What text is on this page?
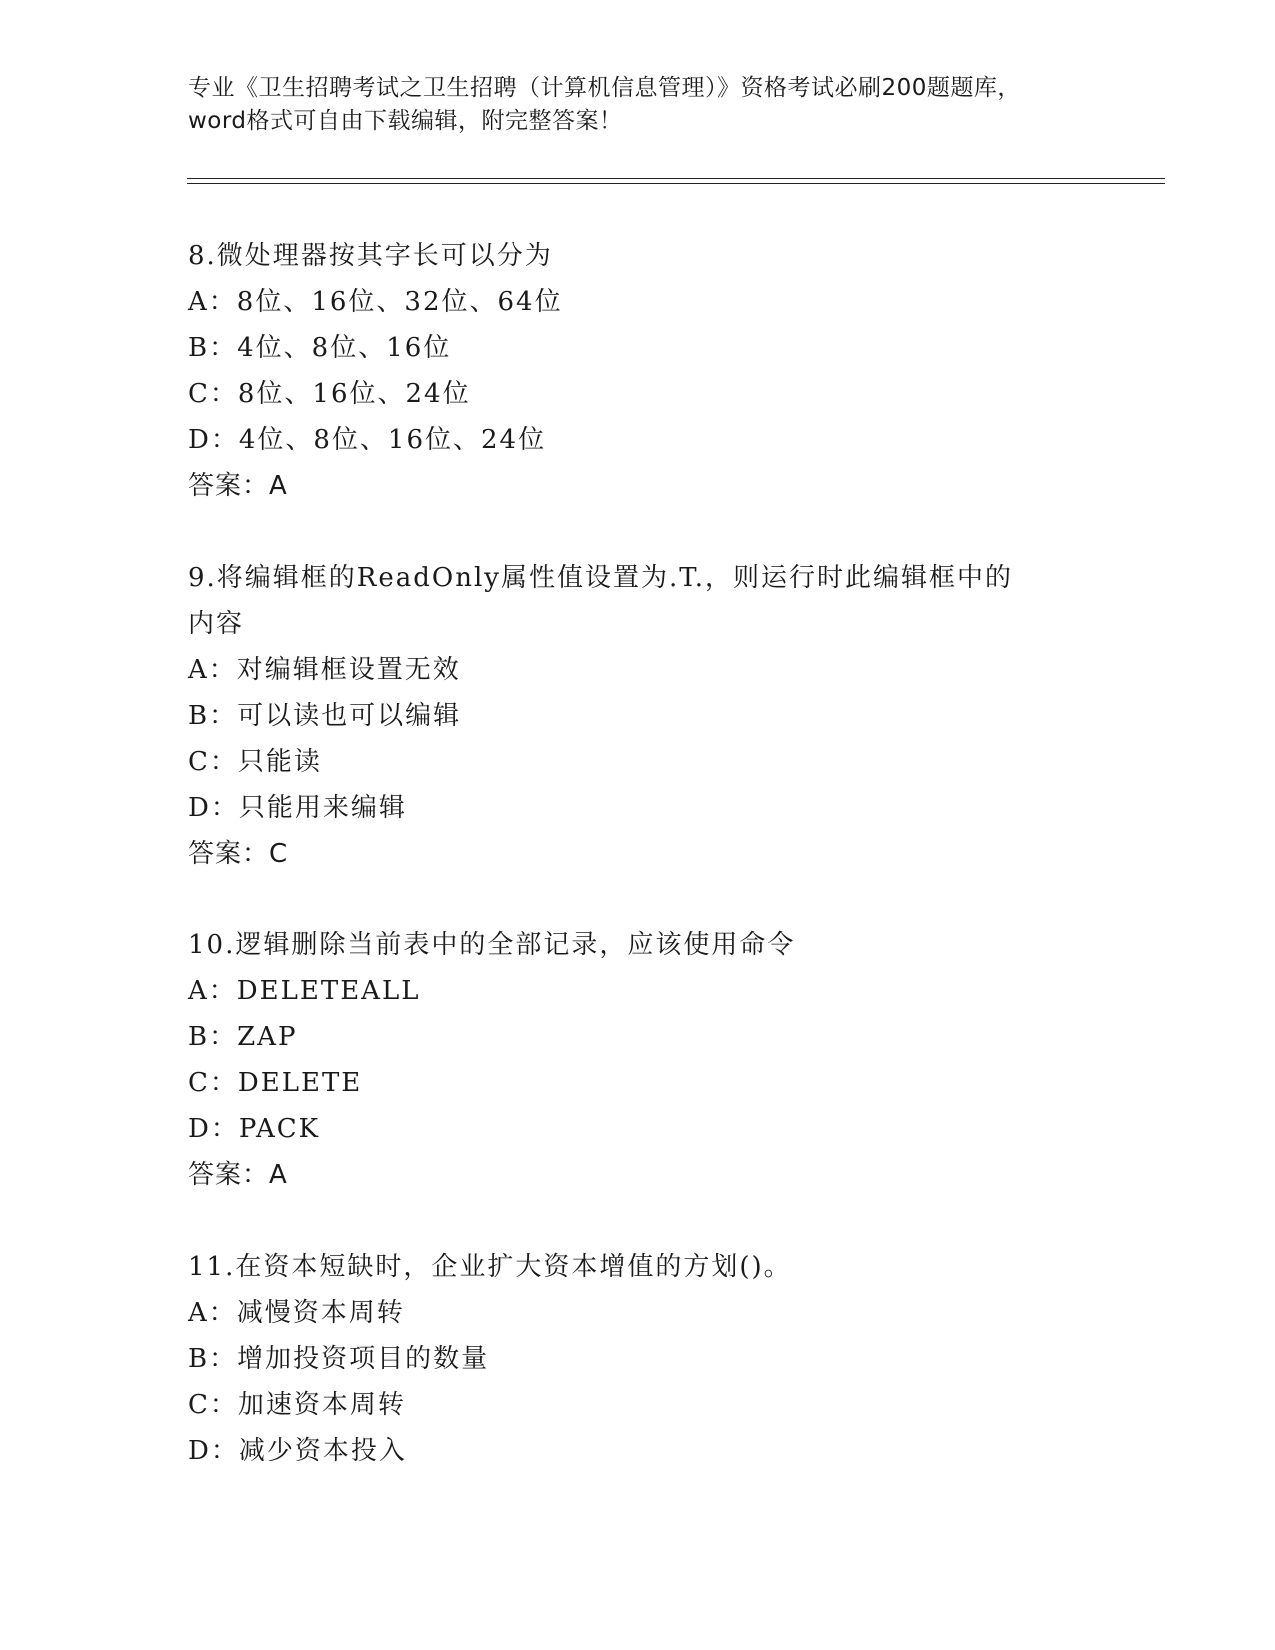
专业《卫生招聘考试之卫生招聘（计算机信息管理）》资格考试必刷200题题库，
word格式可自由下载编辑，附完整答案！

8.微处理器按其字长可以分为

A：8位、16位、32位、64位

B：4位、8位、16位

C：8位、16位、24位

D：4位、8位、16位、24位

答案：A

9.将编辑框的ReadOnly属性值设置为.T.，则运行时此编辑框中的内容

A：对编辑框设置无效

B：可以读也可以编辑

C：只能读

D：只能用来编辑

答案：C

10.逻辑删除当前表中的全部记录，应该使用命令

A：DELETEALL

B：ZAP

C：DELETE

D：PACK

答案：A

11.在资本短缺时，企业扩大资本增值的方划()。

A：减慢资本周转

B：增加投资项目的数量

C：加速资本周转

D：减少资本投入
